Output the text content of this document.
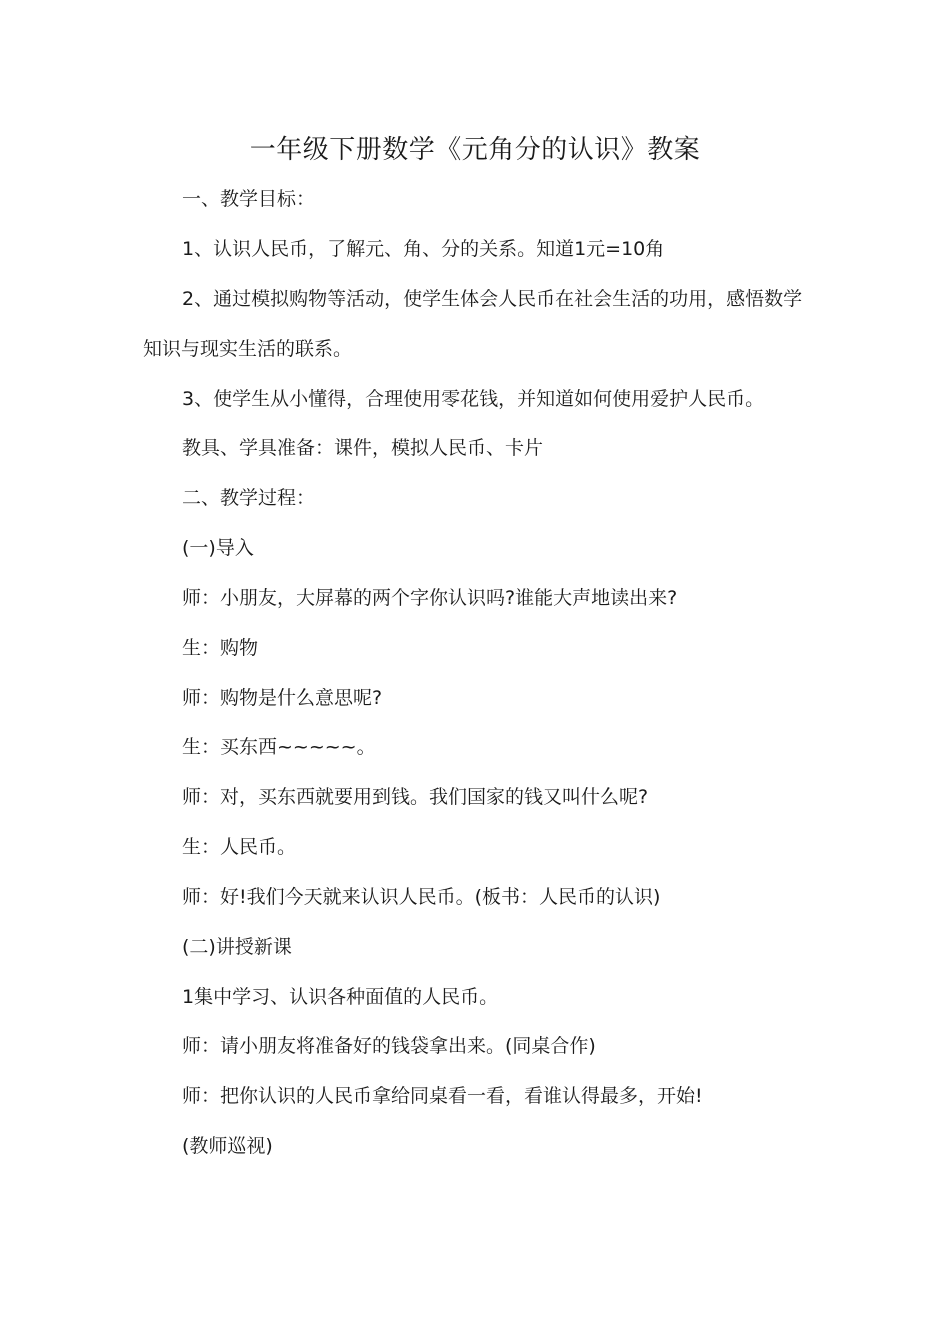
一年级下册数学《元角分的认识》教案
一、教学目标：
1、认识人民币，了解元、角、分的关系。知道1元=10角
2、通过模拟购物等活动，使学生体会人民币在社会生活的功用，感悟数学
知识与现实生活的联系。
3、使学生从小懂得，合理使用零花钱，并知道如何使用爱护人民币。
教具、学具准备：课件，模拟人民币、卡片
二、教学过程：
(一)导入
师：小朋友，大屏幕的两个字你认识吗?谁能大声地读出来?
生：购物
师：购物是什么意思呢?
生：买东西~~~~~。
师：对，买东西就要用到钱。我们国家的钱又叫什么呢?
生：人民币。
师：好!我们今天就来认识人民币。(板书：人民币的认识)
(二)讲授新课
1集中学习、认识各种面值的人民币。
师：请小朋友将准备好的钱袋拿出来。(同桌合作)
师：把你认识的人民币拿给同桌看一看，看谁认得最多，开始!
(教师巡视)
